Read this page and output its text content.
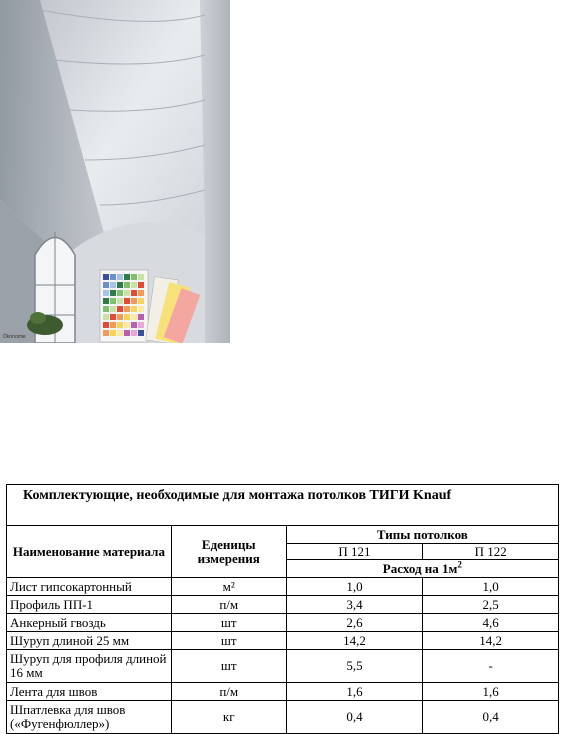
Ökonomie
Комплектующие, необходимые для монтажа потолков ТИГИ Knauf			
Наименование материала	Еденицы измерения	Типы потолков	
		П 121	П 122
		Расход на $1м^2$
Лист гипсокартонный	м²	1,0	1,0
Профиль ПП-1	п/м	3,4	2,5
Анкерный гвоздь	шт	2,6	4,6
Шуруп длиной 25 мм	шт	14,2	14,2
Шуруп для профиля длиной 16 мм	шт	5,5	-
Лента для швов	п/м	1,6	1,6
Шпатлевка для швов («Фугенфюллер»)	кг	0,4	0,4
